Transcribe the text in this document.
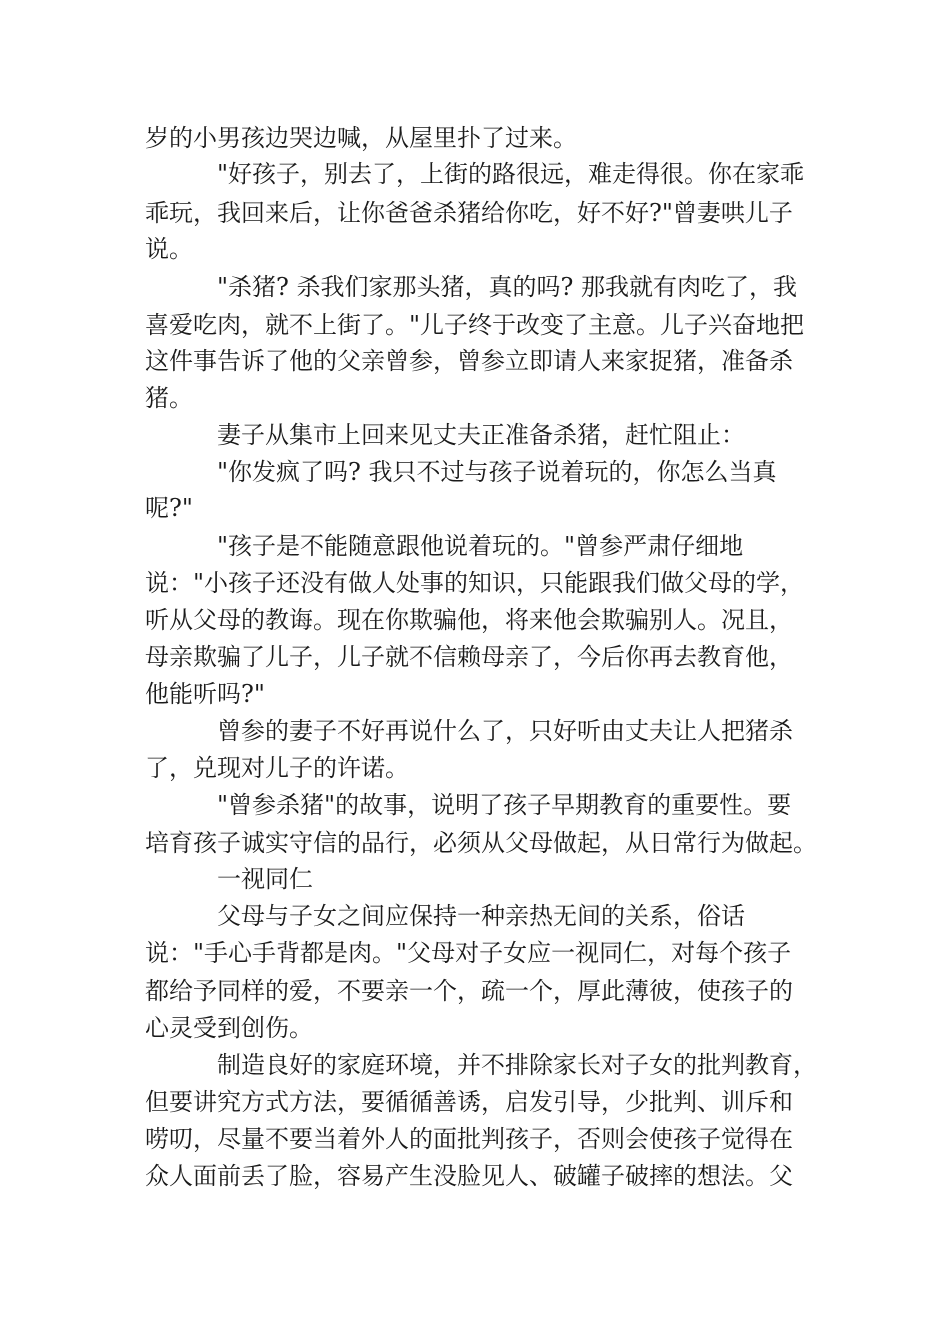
岁的小男孩边哭边喊，从屋里扑了过来。
"好孩子，别去了，上街的路很远，难走得很。你在家乖
乖玩，我回来后，让你爸爸杀猪给你吃，好不好?"曾妻哄儿子
说。
"杀猪? 杀我们家那头猪，真的吗? 那我就有肉吃了，我
喜爱吃肉，就不上街了。"儿子终于改变了主意。儿子兴奋地把
这件事告诉了他的父亲曾参，曾参立即请人来家捉猪，准备杀
猪。
妻子从集市上回来见丈夫正准备杀猪，赶忙阻止：
"你发疯了吗? 我只不过与孩子说着玩的，你怎么当真
呢?"
"孩子是不能随意跟他说着玩的。"曾参严肃仔细地
说："小孩子还没有做人处事的知识，只能跟我们做父母的学，
听从父母的教诲。现在你欺骗他，将来他会欺骗别人。况且，
母亲欺骗了儿子，儿子就不信赖母亲了，今后你再去教育他，
他能听吗?"
曾参的妻子不好再说什么了，只好听由丈夫让人把猪杀
了，兑现对儿子的许诺。
"曾参杀猪"的故事，说明了孩子早期教育的重要性。要
培育孩子诚实守信的品行，必须从父母做起，从日常行为做起。
一视同仁
父母与子女之间应保持一种亲热无间的关系，俗话
说："手心手背都是肉。"父母对子女应一视同仁，对每个孩子
都给予同样的爱，不要亲一个，疏一个，厚此薄彼，使孩子的
心灵受到创伤。
制造良好的家庭环境，并不排除家长对子女的批判教育，
但要讲究方式方法，要循循善诱，启发引导，少批判、训斥和
唠叨，尽量不要当着外人的面批判孩子，否则会使孩子觉得在
众人面前丢了脸，容易产生没脸见人、破罐子破摔的想法。父
